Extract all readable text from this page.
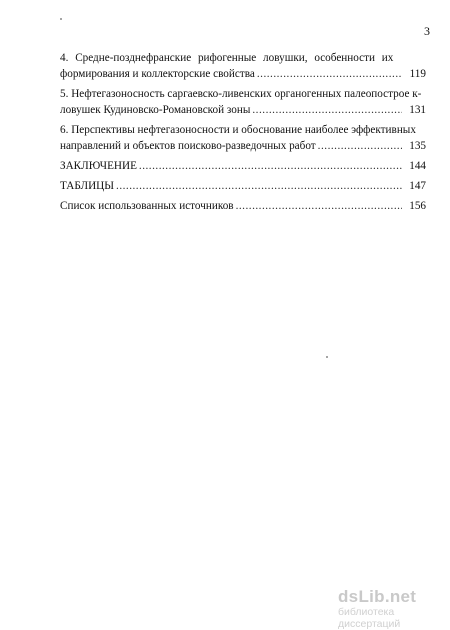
3
4. Средне-позднефранские рифогенные ловушки, особенности их
формирования и коллекторские свойства .....	119
5. Нефтегазоносность саргаевско-ливенских органогенных палеопострое к-
ловушек Кудиновско-Романовской зоны .....	131
6. Перспективы нефтегазоносности и обоснование наиболее эффективных
направлений и объектов поисково-разведочных работ .....	135
ЗАКЛЮЧЕНИЕ .....	144
ТАБЛИЦЫ .....	147
Список использованных источников .....	156
dsLib.net
библиотека диссертаций
